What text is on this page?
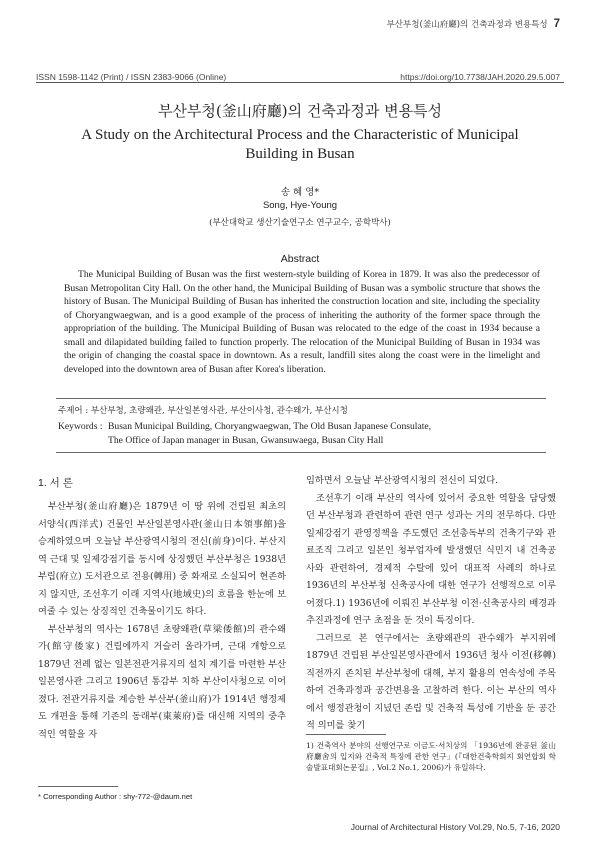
부산부청(釜山府廳)의 건축과정과 변용특성 7
ISSN 1598-1142 (Print) / ISSN 2383-9066 (Online)	https://doi.org/10.7738/JAH.2020.29.5.007
부산부청(釜山府廳)의 건축과정과 변용특성
A Study on the Architectural Process and the Characteristic of Municipal Building in Busan
송 혜 영*
Song, Hye-Young
(부산대학교 생산기술연구소 연구교수, 공학박사)
Abstract
The Municipal Building of Busan was the first western-style building of Korea in 1879. It was also the predecessor of Busan Metropolitan City Hall. On the other hand, the Municipal Building of Busan was a symbolic structure that shows the history of Busan. The Municipal Building of Busan has inherited the construction location and site, including the speciality of Choryangwaegwan, and is a good example of the process of inheriting the authority of the former space through the appropriation of the building. The Municipal Building of Busan was relocated to the edge of the coast in 1934 because a small and dilapidated building failed to function properly. The relocation of the Municipal Building of Busan in 1934 was the origin of changing the coastal space in downtown. As a result, landfill sites along the coast were in the limelight and developed into the downtown area of Busan after Korea's liberation.
주제어 : 부산부청, 초량왜관, 부산일본영사관, 부산이사청, 관수왜가, 부산시청
Keywords : Busan Municipal Building, Choryangwaegwan, The Old Busan Japanese Consulate,
The Office of Japan manager in Busan, Gwansuwaega, Busan City Hall
1. 서 론

부산부청(釜山府廳)은 1879년 이 땅 위에 건립된 최초의 서양식(西洋式) 건물인 부산일본영사관(釜山日本領事館)을 승계하였으며 오늘날 부산광역시청의 전신(前身)이다. 부산지역 근대 및 일제강점기를 동시에 상징했던 부산부청은 1938년 부립(府立) 도서관으로 전용(轉用) 중 화재로 소실되어 현존하지 않지만, 조선후기 이래 지역사(地域史)의 흐름을 한눈에 보여줄 수 있는 상징적인 건축물이기도 하다.

부산부청의 역사는 1678년 초량왜관(草梁倭館)의 관수왜가(館守倭家) 건립에까지 거슬러 올라가며, 근대 개항으로 1879년 전례 없는 일본전관거류지의 설치 계기를 마련한 부산일본영사관 그리고 1906년 통감부 치하 부산이사청으로 이어졌다. 전관거류지를 계승한 부산부(釜山府)가 1914년 행정제도 개편을 통해 기존의 동래부(東萊府)를 대신해 지역의 중추적인 역할을 자

임하면서 오늘날 부산광역시청의 전신이 되었다.

조선후기 이래 부산의 역사에 있어서 중요한 역할을 담당했던 부산부청과 관련하여 관련 연구 성과는 거의 전무하다. 다만 일제강점기 관영정책을 주도했던 조선총독부의 건축기구와 관료조직 그리고 일본인 청부업자에 발생했던 식민지 내 건축공사와 관련하여, 경제적 수탈에 있어 대표적 사례의 하나로 1936년의 부산부청 신축공사에 대한 연구가 선행적으로 이루어졌다.1) 1936년에 이뤄진 부산부청 이전·신축공사의 배경과 추진과정에 연구 초점을 둔 것이 특징이다.

그러므로 본 연구에서는 초량왜관의 관수왜가 부지위에 1879년 건립된 부산일본영사관에서 1936년 청사 이전(移轉) 직전까지 존치된 부산부청에 대해, 부지 활용의 연속성에 주목하여 건축과정과 공간변용을 고찰하려 한다. 이는 부산의 역사에서 행정관청이 지녔던 존립 및 건축적 특성에 기반을 둔 공간적 의미를 찾기

* Corresponding Author : shy-772-@daum.net
1) 건축역사 분야의 선행연구로 이금도·서치상의 「1936년에 완공된 釜山府廳舍의 입지와 건축적 특징에 관한 연구」(『대한건축학회지 회연합회 학술발표대회논문집』, Vol.2 No.1, 2006)가 유일하다.
Journal of Architectural History Vol.29, No.5, 7-16, 2020
